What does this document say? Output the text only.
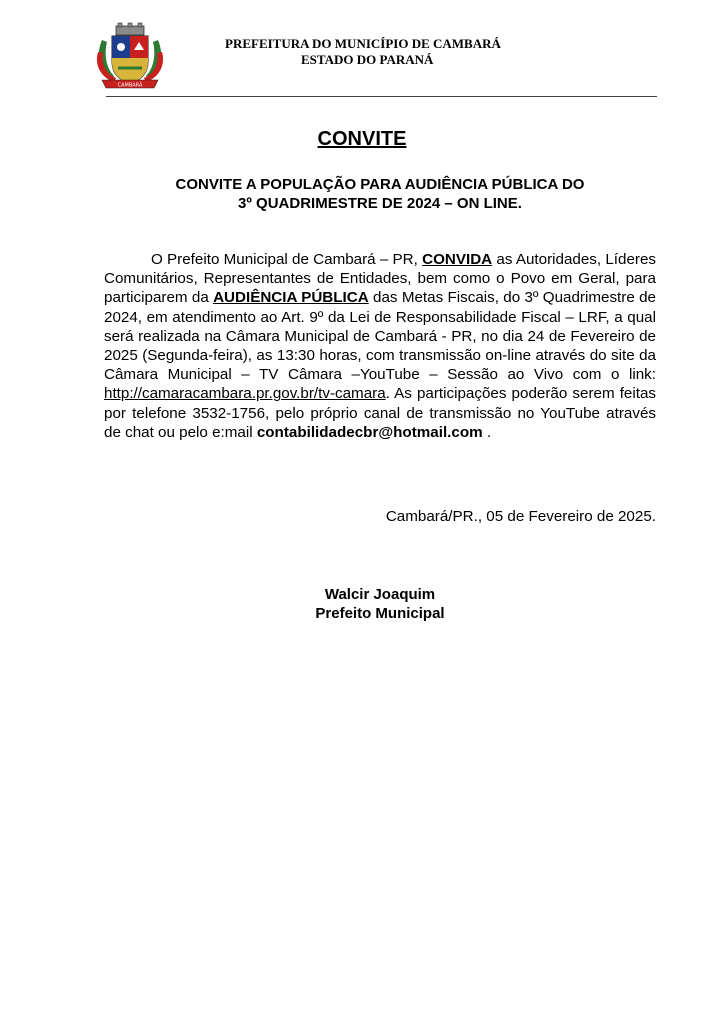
CAMBARÁ
PREFEITURA DO MUNICÍPIO DE CAMBARÁ
ESTADO DO PARANÁ
CONVITE
CONVITE A POPULAÇÃO PARA AUDIÊNCIA PÚBLICA DO
3º QUADRIMESTRE DE 2024 – ON LINE.

O Prefeito Municipal de Cambará – PR, CONVIDA as Autoridades, Líderes Comunitários, Representantes de Entidades, bem como o Povo em Geral, para participarem da AUDIÊNCIA PÚBLICA das Metas Fiscais, do 3º Quadrimestre de 2024, em atendimento ao Art. 9º da Lei de Responsabilidade Fiscal – LRF, a qual será realizada na Câmara Municipal de Cambará - PR, no dia 24 de Fevereiro de 2025 (Segunda-feira), as 13:30 horas, com transmissão on-line através do site da Câmara Municipal – TV Câmara –YouTube – Sessão ao Vivo com o link: http://camaracambara.pr.gov.br/tv-camara. As participações poderão serem feitas por telefone 3532-1756, pelo próprio canal de transmissão no YouTube através de chat ou pelo e:mail contabilidadecbr@hotmail.com .

Cambará/PR., 05 de Fevereiro de 2025.
Walcir Joaquim
Prefeito Municipal
